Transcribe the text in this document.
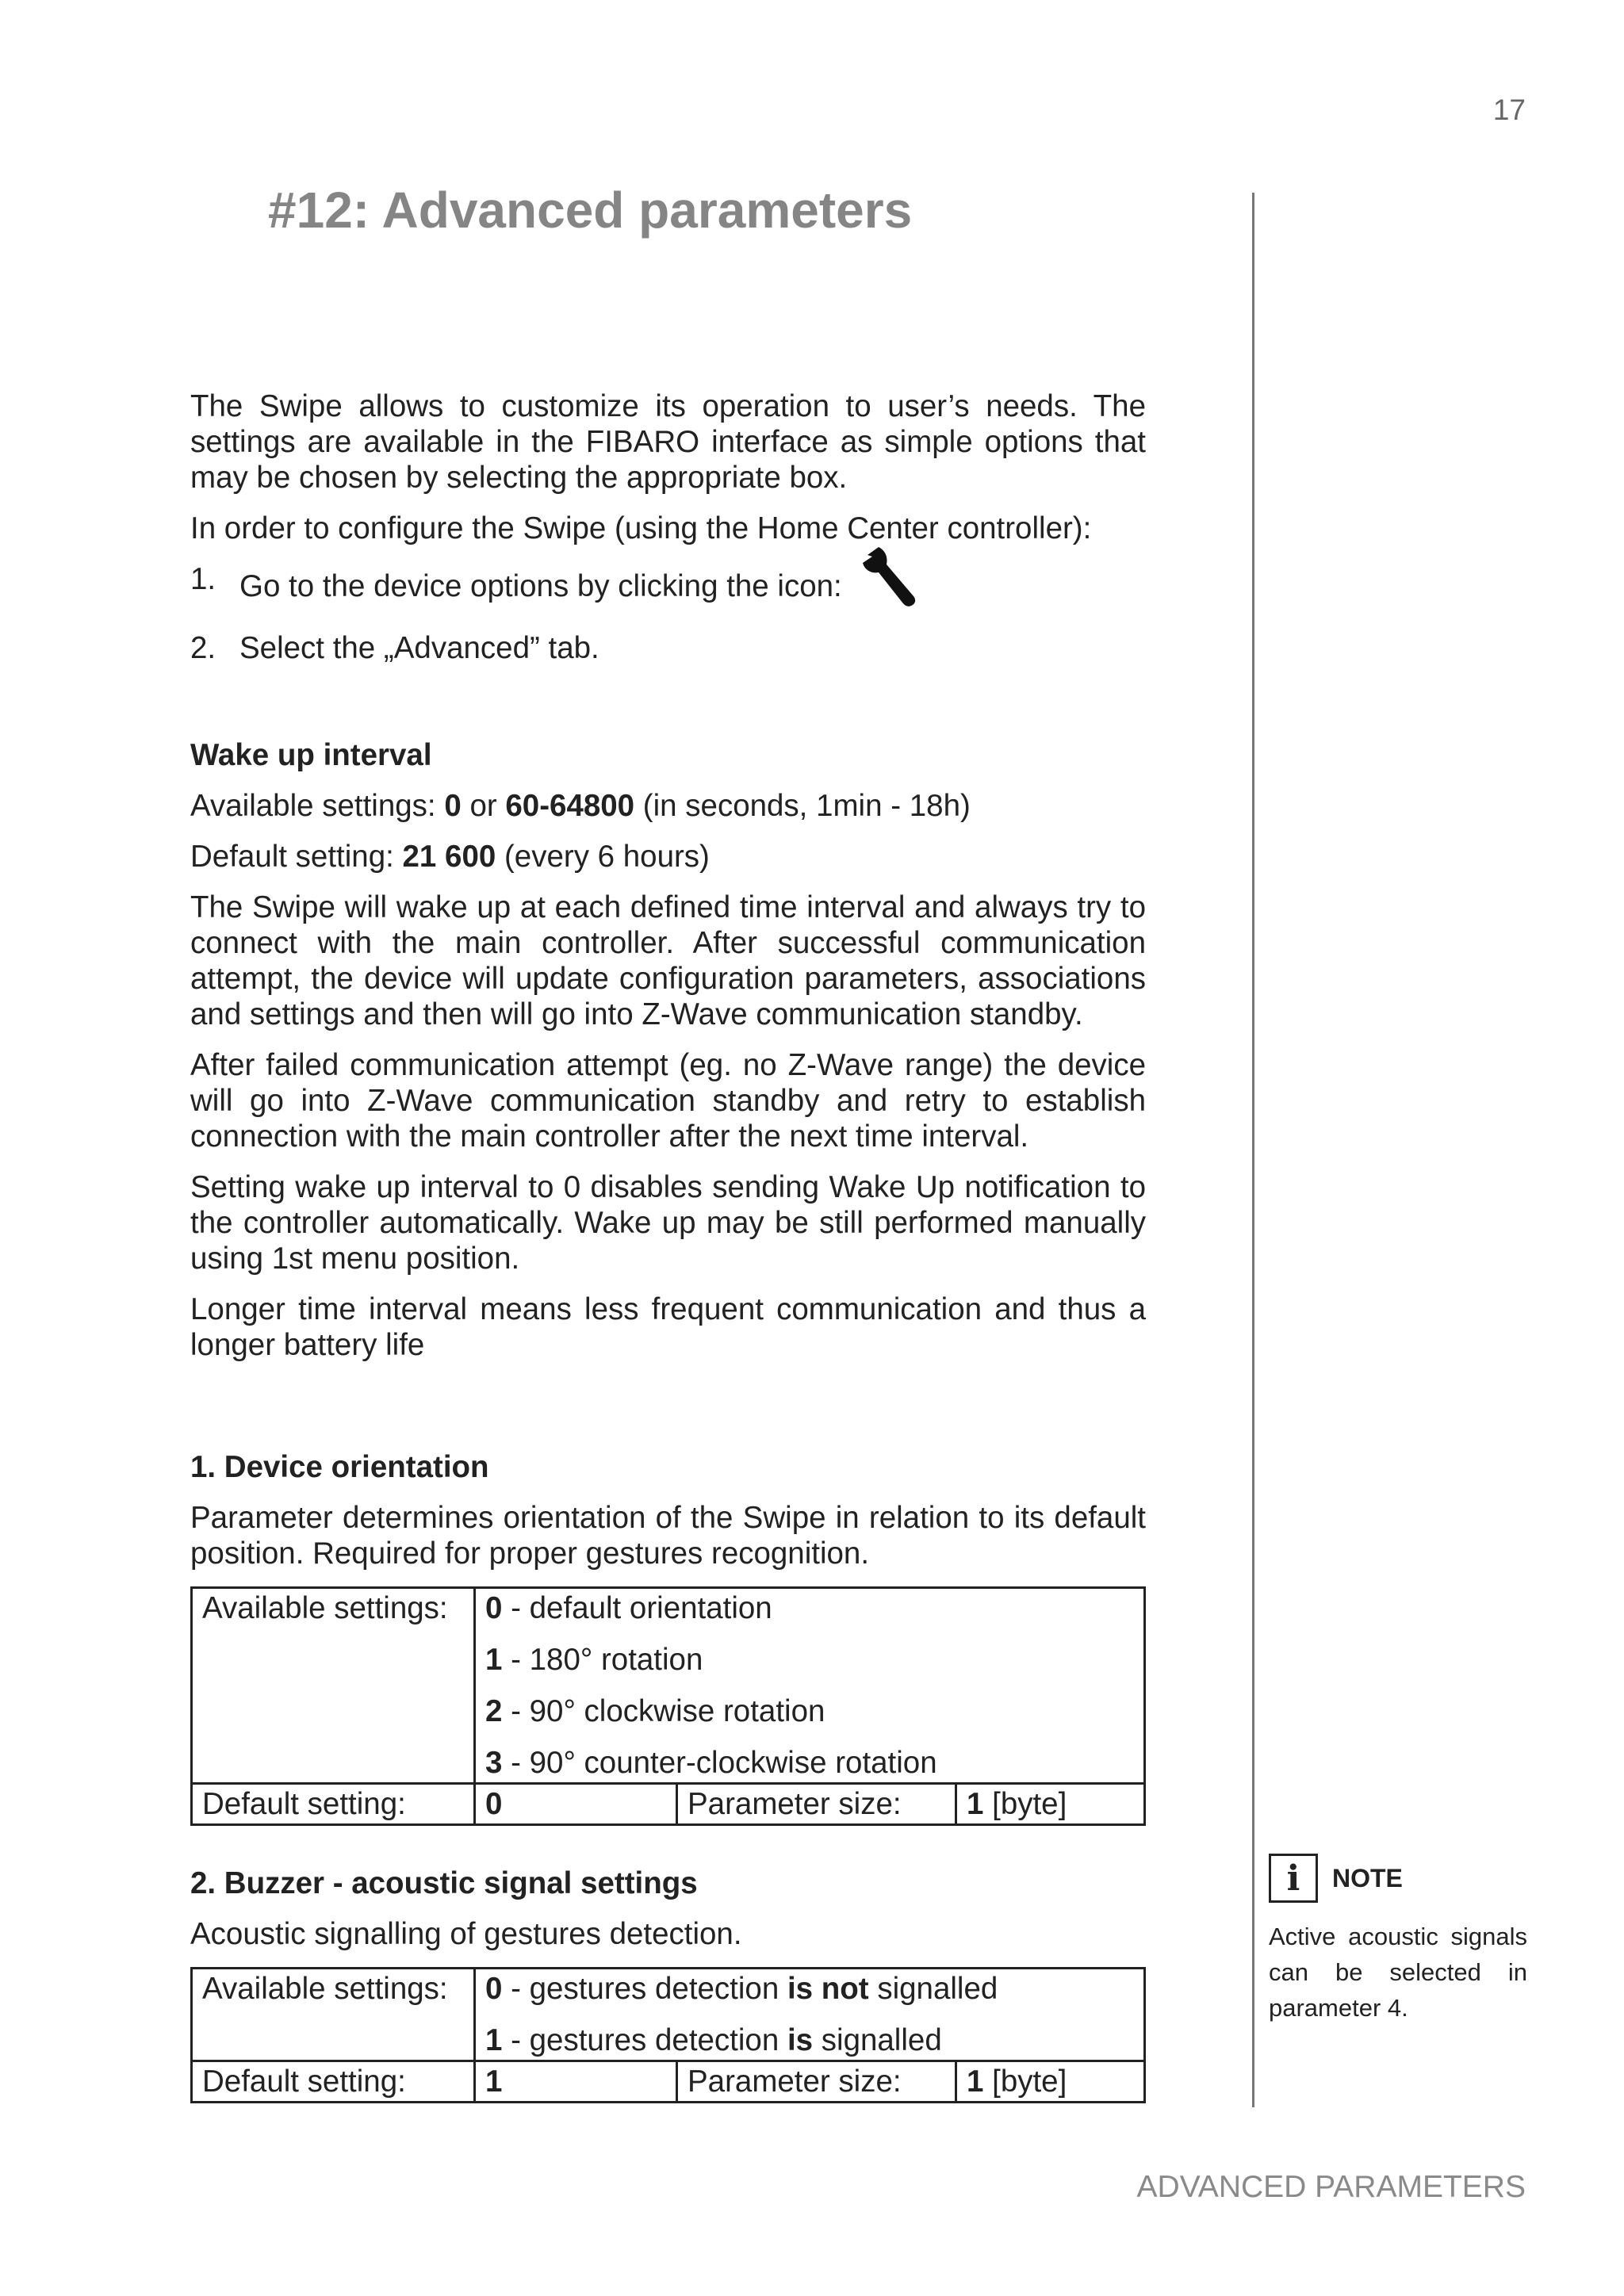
17
#12: Advanced parameters

The Swipe allows to customize its operation to user’s needs. The settings are available in the FIBARO interface as simple options that may be chosen by selecting the appropriate box.

In order to configure the Swipe (using the Home Center controller):

1. Go to the device options by clicking the icon:
2. Select the „Advanced” tab.
Wake up interval

Available settings: 0 or 60-64800 (in seconds, 1min - 18h)

Default setting: 21 600 (every 6 hours)

The Swipe will wake up at each defined time interval and always try to connect with the main controller. After successful communication attempt, the device will update configuration parameters, associations and settings and then will go into Z-Wave communication standby.

After failed communication attempt (eg. no Z-Wave range) the device will go into Z-Wave communication standby and retry to establish connection with the main controller after the next time interval.

Setting wake up interval to 0 disables sending Wake Up notification to the controller automatically. Wake up may be still performed manually using 1st menu position.

Longer time interval means less frequent communication and thus a longer battery life

1. Device orientation

Parameter determines orientation of the Swipe in relation to its default position. Required for proper gestures recognition.

Available settings:	0 - default orientation
1 - 180° rotation
2 - 90° clockwise rotation
3 - 90° counter-clockwise rotation		

Default setting:	0	Parameter size:	1 [byte]
2. Buzzer - acoustic signal settings

Acoustic signalling of gestures detection.

Available settings:	0 - gestures detection is not signalled
1 - gestures detection is signalled		

Default setting:	1	Parameter size:	1 [byte]
i	NOTE
Active acoustic signals can be selected in parameter 4.
ADVANCED PARAMETERS
